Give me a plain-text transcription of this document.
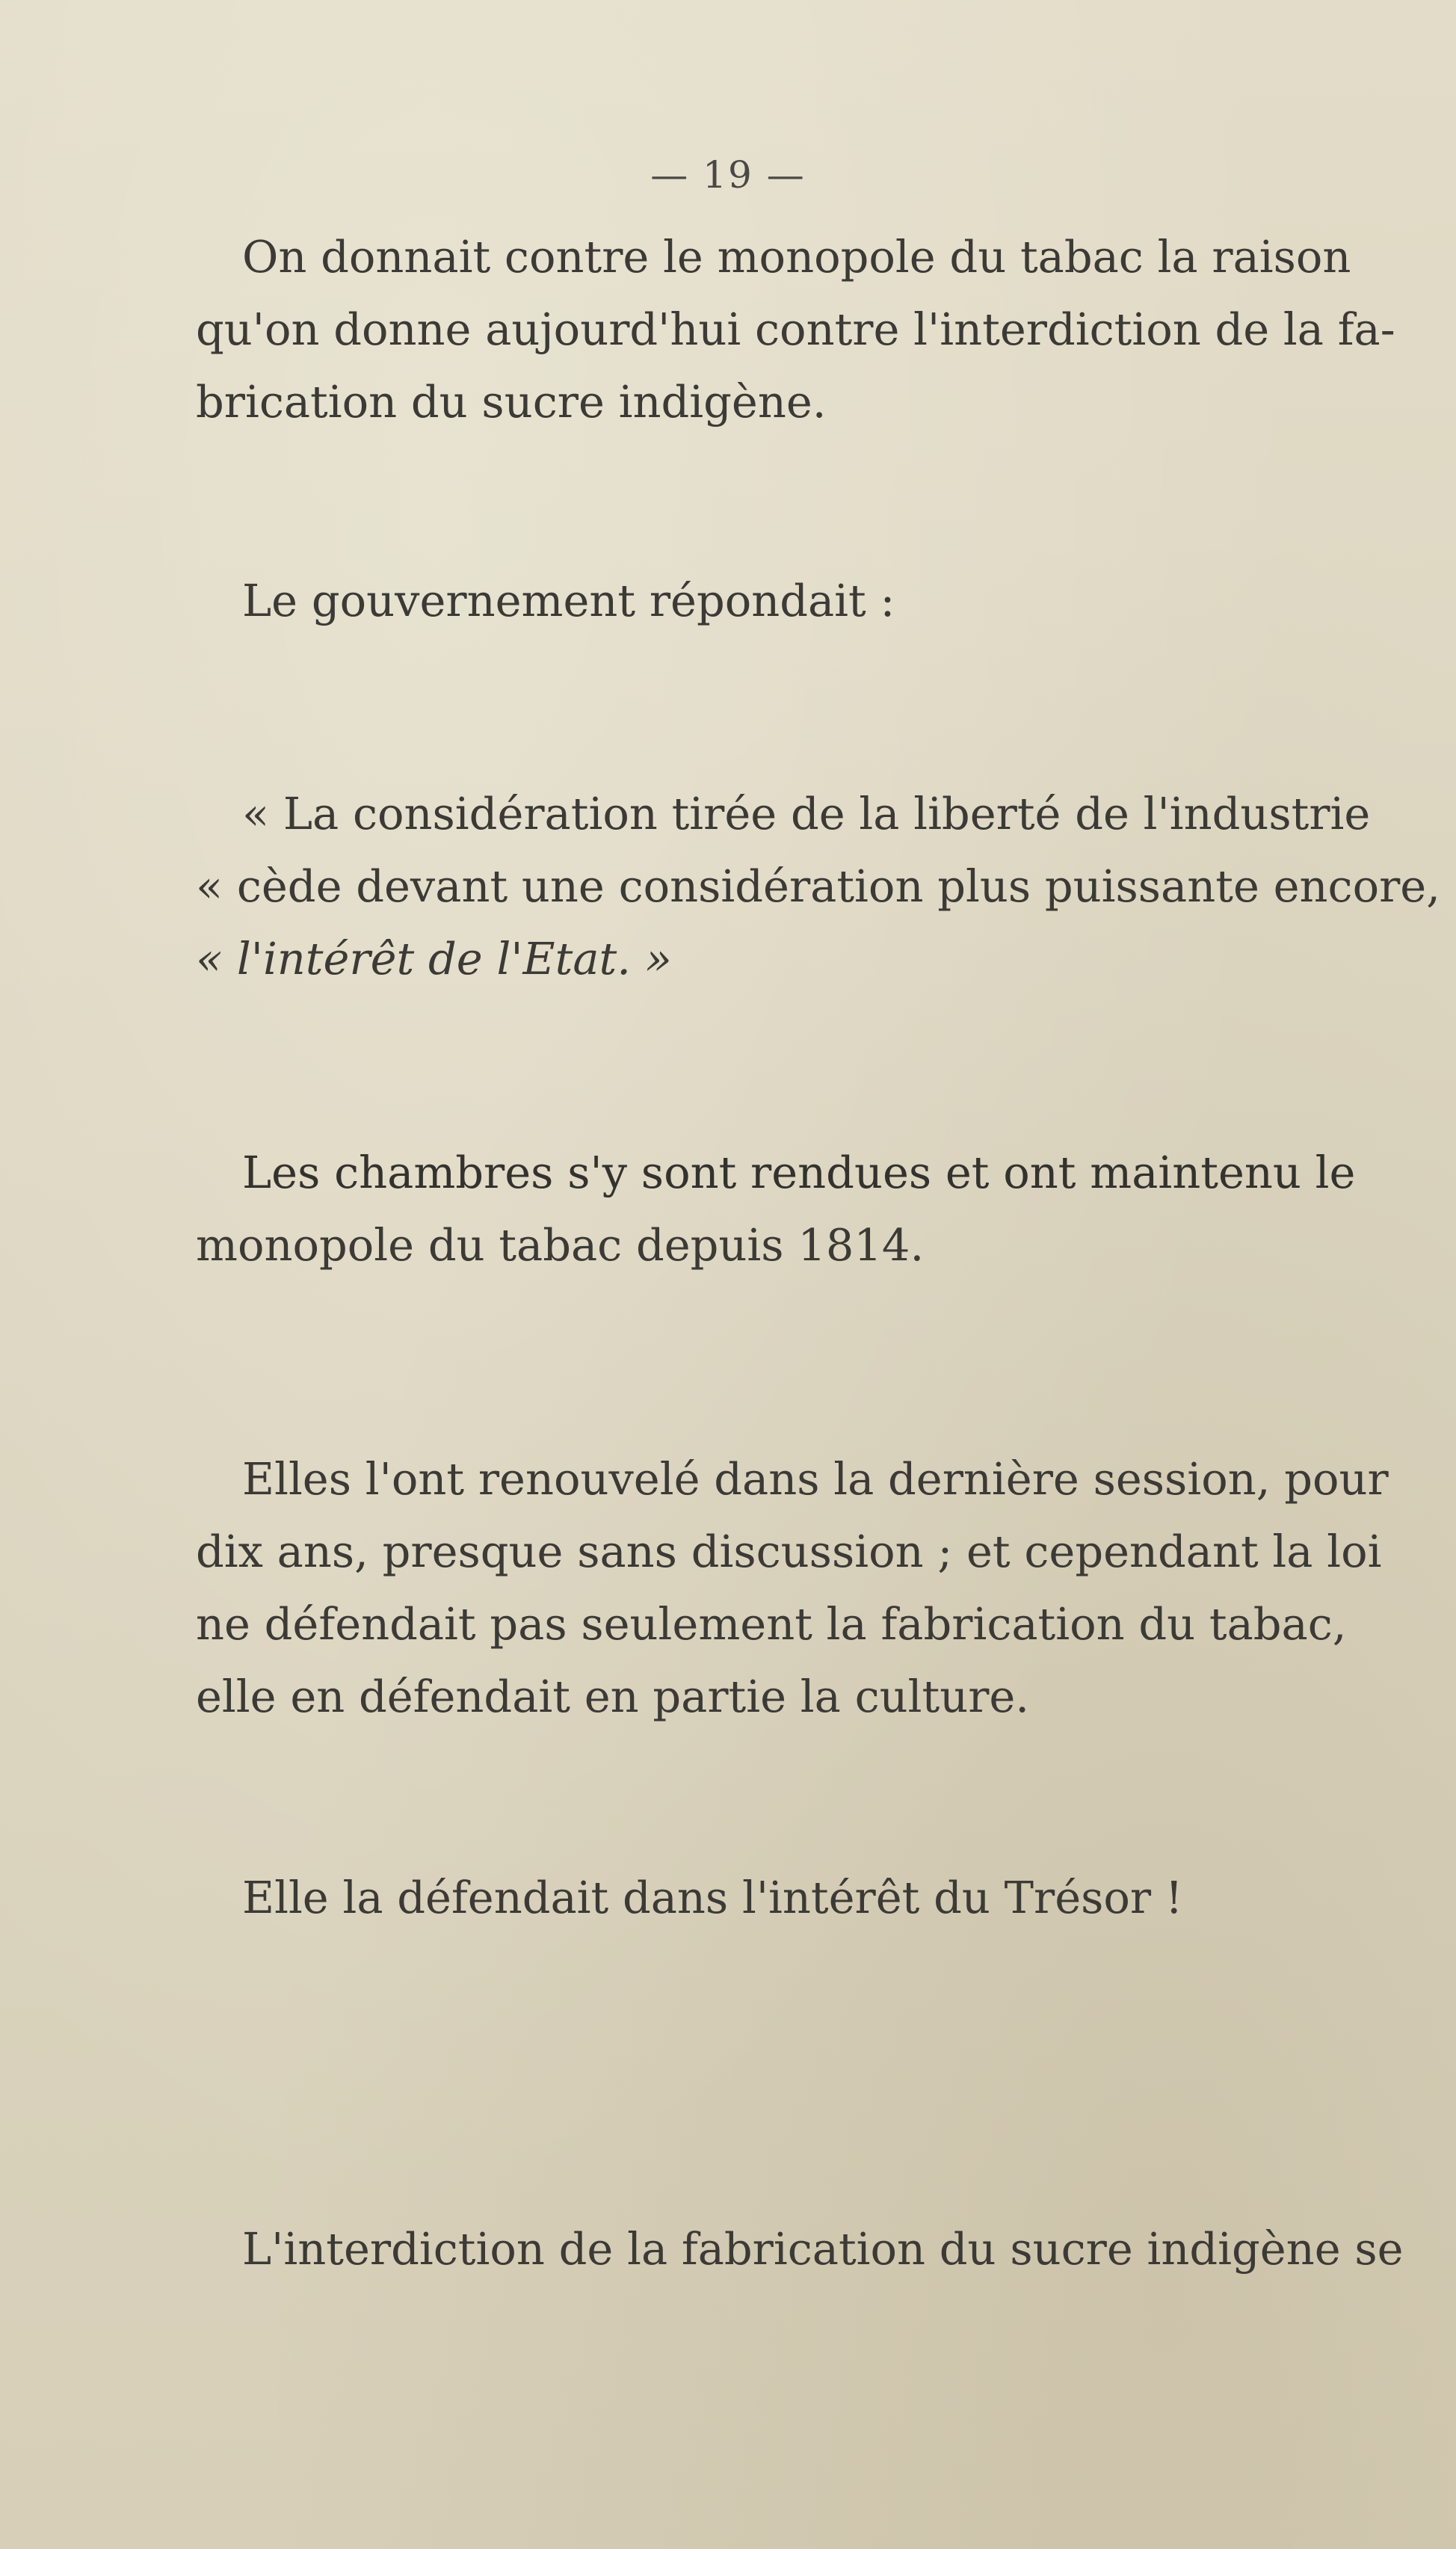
— 19 —

On donnait contre le monopole du tabac la raison
qu'on donne aujourd'hui contre l'interdiction de la fa-
brication du sucre indigène.

Le gouvernement répondait :

« La considération tirée de la liberté de l'industrie
« cède devant une considération plus puissante encore,
« l'intérêt de l'Etat. »

Les chambres s'y sont rendues et ont maintenu le
monopole du tabac depuis 1814.

Elles l'ont renouvelé dans la dernière session, pour
dix ans, presque sans discussion ; et cependant la loi
ne défendait pas seulement la fabrication du tabac,
elle en défendait en partie la culture.

Elle la défendait dans l'intérêt du Trésor !

L'interdiction de la fabrication du sucre indigène se
